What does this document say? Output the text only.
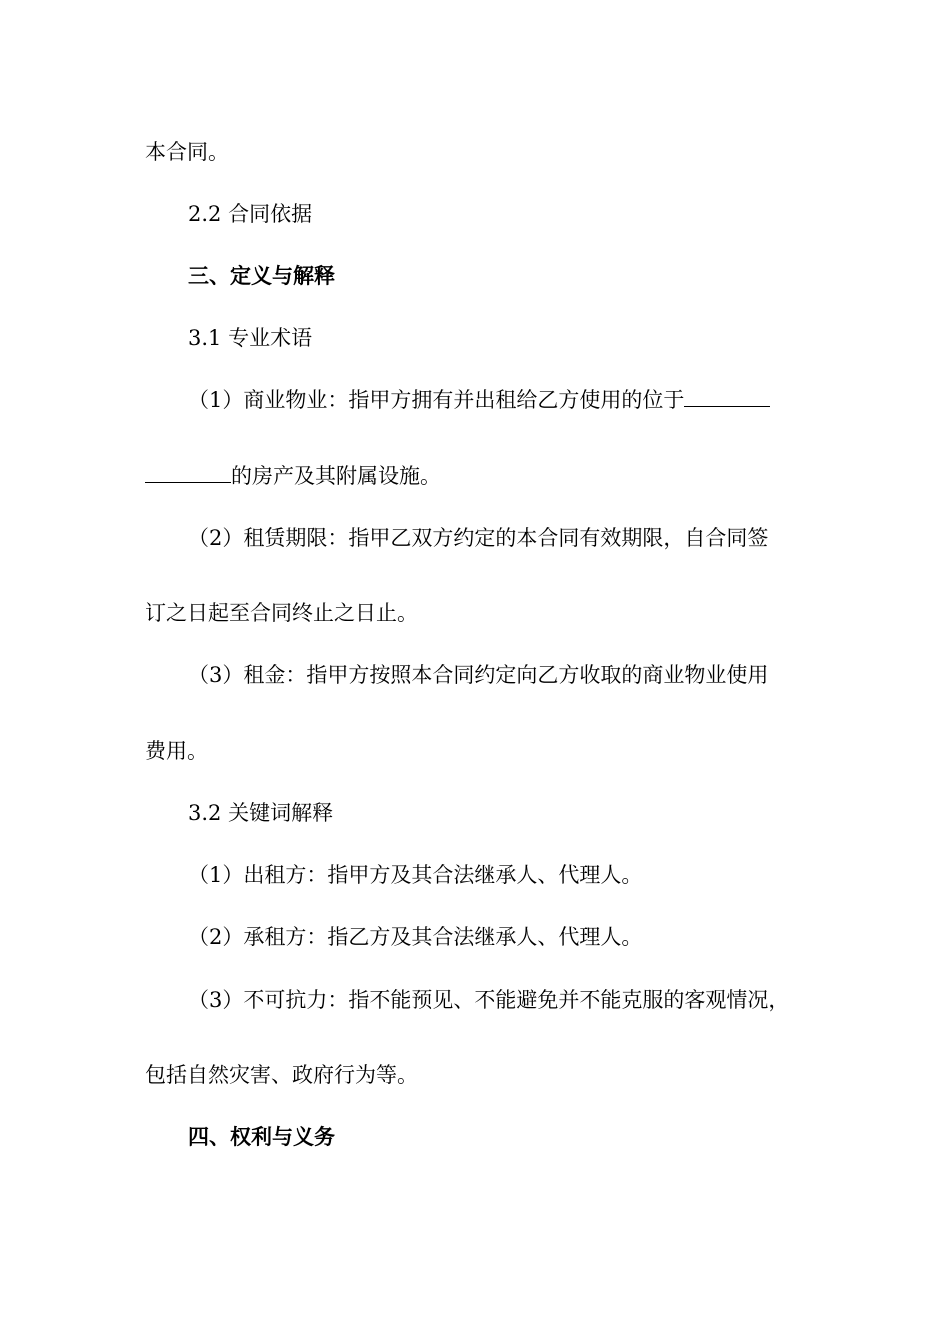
本合同。
2.2 合同依据
三、定义与解释
3.1 专业术语
（1）商业物业：指甲方拥有并出租给乙方使用的位于
的房产及其附属设施。
（2）租赁期限：指甲乙双方约定的本合同有效期限，自合同签
订之日起至合同终止之日止。
（3）租金：指甲方按照本合同约定向乙方收取的商业物业使用
费用。
3.2 关键词解释
（1）出租方：指甲方及其合法继承人、代理人。
（2）承租方：指乙方及其合法继承人、代理人。
（3）不可抗力：指不能预见、不能避免并不能克服的客观情况，
包括自然灾害、政府行为等。
四、权利与义务
